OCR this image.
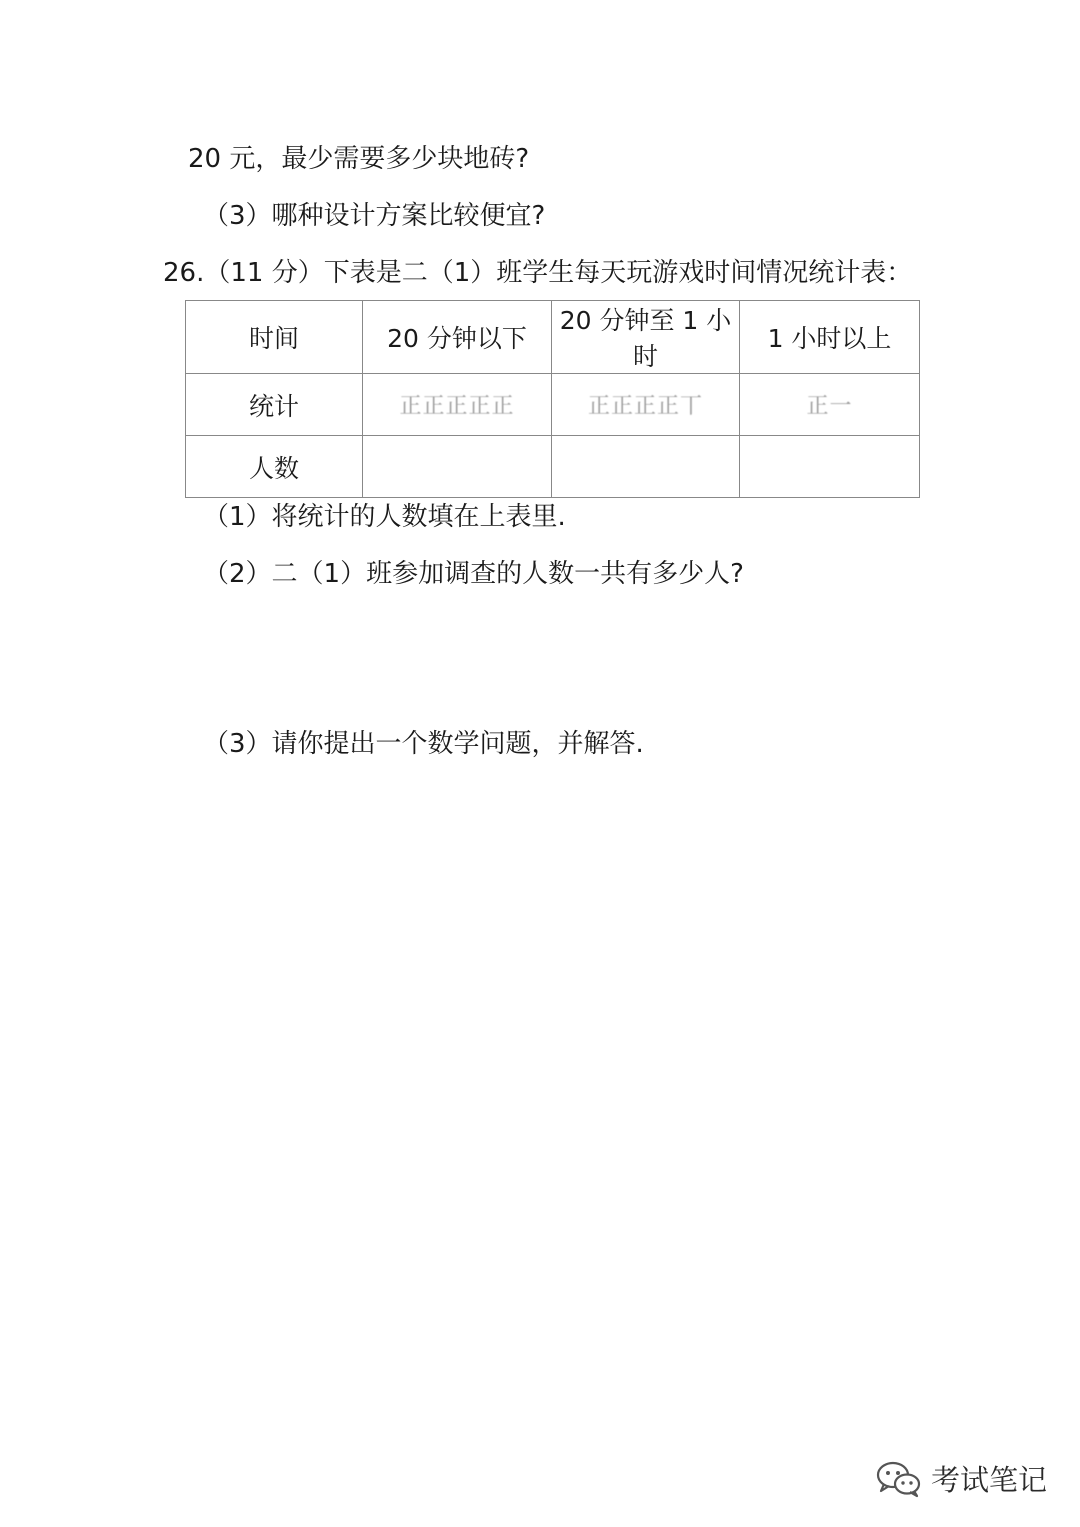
20 元，最少需要多少块地砖?
（3）哪种设计方案比较便宜?
26.（11 分）下表是二（1）班学生每天玩游戏时间情况统计表：
时间	20 分钟以下	20 分钟至 1 小时	1 小时以上
统计	正正正正正	正正正正丅	正一
人数			
（1）将统计的人数填在上表里.
（2）二（1）班参加调查的人数一共有多少人?
（3）请你提出一个数学问题，并解答.
考试笔记
